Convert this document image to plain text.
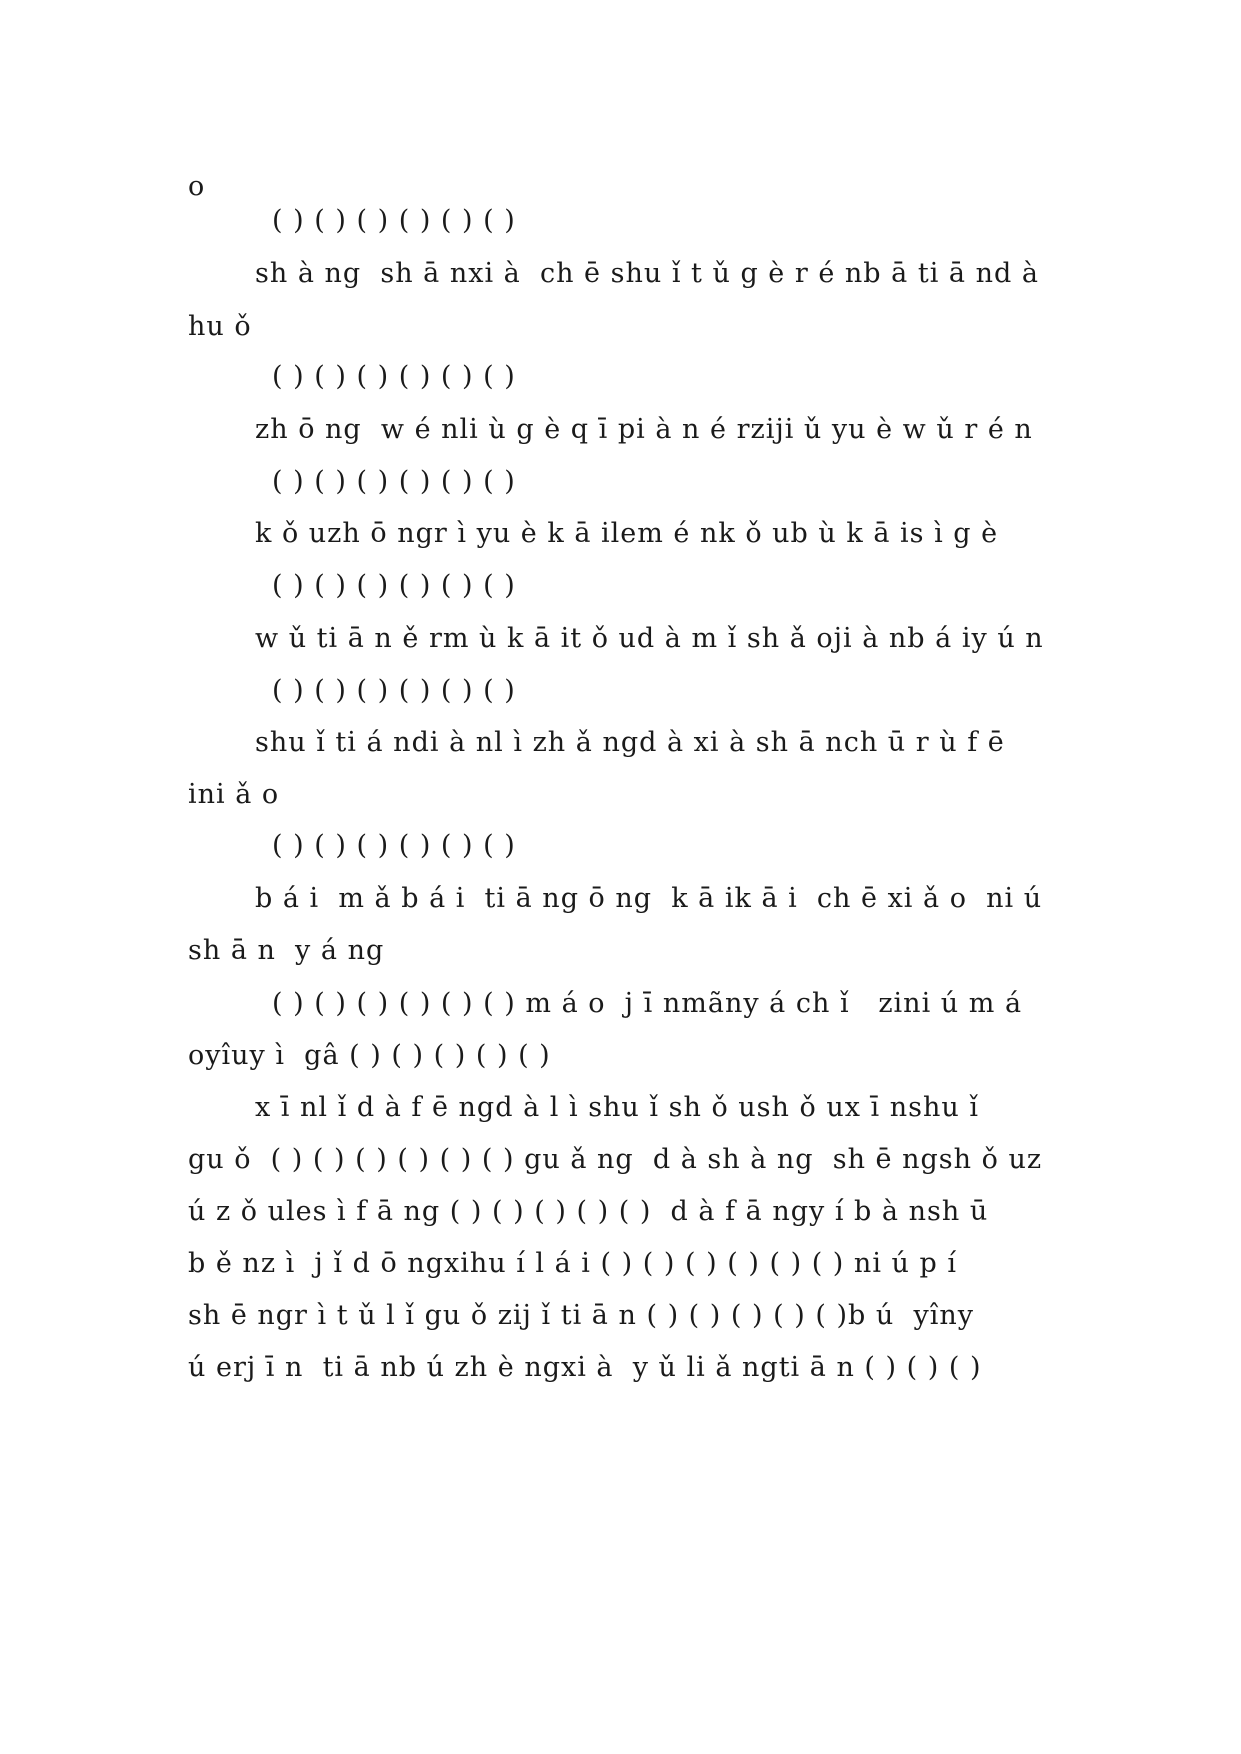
o
( ) ( ) ( ) ( ) ( ) ( )
sh à ng  sh ā nxi à  ch ē shu ǐ t ǔ g è r é nb ā ti ā nd à
hu ǒ
( ) ( ) ( ) ( ) ( ) ( )
zh ō ng  w é nli ù g è q ī pi à n é rziji ǔ yu è w ǔ r é n
( ) ( ) ( ) ( ) ( ) ( )
k ǒ uzh ō ngr ì yu è k ā ilem é nk ǒ ub ù k ā is ì g è
( ) ( ) ( ) ( ) ( ) ( )
w ǔ ti ā n ě rm ù k ā it ǒ ud à m ǐ sh ǎ oji à nb á iy ú n
( ) ( ) ( ) ( ) ( ) ( )
shu ǐ ti á ndi à nl ì zh ǎ ngd à xi à sh ā nch ū r ù f ē
ini ǎ o
( ) ( ) ( ) ( ) ( ) ( )
b á i  m ǎ b á i  ti ā ng ō ng  k ā ik ā i  ch ē xi ǎ o  ni ú
sh ā n  y á ng
( ) ( ) ( ) ( ) ( ) ( ) m á o  j ī nmãny á ch ǐ   zini ú m á
oyîuy ì  gâ ( ) ( ) ( ) ( ) ( )
x ī nl ǐ d à f ē ngd à l ì shu ǐ sh ǒ ush ǒ ux ī nshu ǐ
gu ǒ  ( ) ( ) ( ) ( ) ( ) ( ) gu ǎ ng  d à sh à ng  sh ē ngsh ǒ uz
ú z ǒ ules ì f ā ng ( ) ( ) ( ) ( ) ( )  d à f ā ngy í b à nsh ū
b ě nz ì  j ǐ d ō ngxihu í l á i ( ) ( ) ( ) ( ) ( ) ( ) ni ú p í
sh ē ngr ì t ǔ l ǐ gu ǒ zij ǐ ti ā n ( ) ( ) ( ) ( ) ( )b ú  yîny
ú erj ī n  ti ā nb ú zh è ngxi à  y ǔ li ǎ ngti ā n ( ) ( ) ( )
